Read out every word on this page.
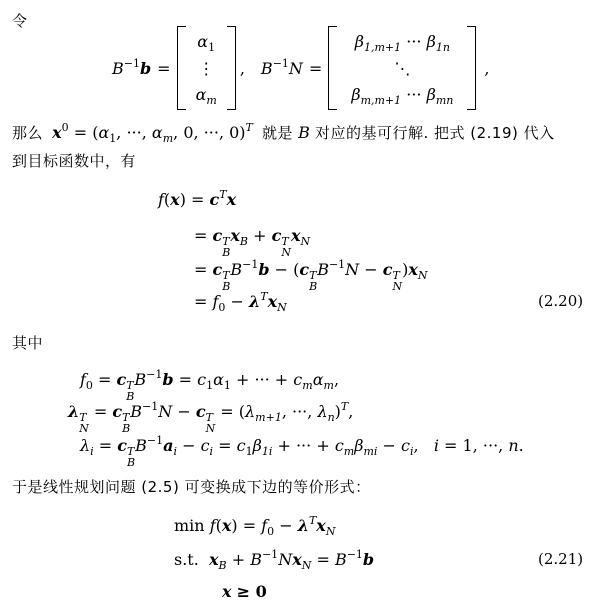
令
$B^{-1}b$ =
$\alpha_1$
⋮
$\alpha_m$
, $B^{-1}N$ =
$\beta_{1,m+1}$ ··· $\beta_{1n}$
⋱
$\beta_{m,m+1}$ ··· $\beta_{mn}$
,
那么 $x^0 = (\alpha_1$, ···, $\alpha_m$, 0, ···, 0)$^T$ 就是 B 对应的基可行解. 把式 (2.19) 代入
到目标函数中，有
$f(x) = c^Tx$
= c T
B
$x_B + c$ T
N
$x_N$
= c T
B
$B^{-1}b - (c$ T
B
$B^{-1}N - c$ T
N
)$x_N$
= $f_0 - \lambda^Tx_N$	(2.20)
其中
$f_0 = c$ T
B
$B^{-1}b = c_1\alpha_1$ + ··· + $c_m\alpha_m$,
λ T
N
= c T
B
$B^{-1}N - c$ T
N
= ($\lambda_{m+1}$, ···, $\lambda_n)^T$,
$\lambda_i = c$ T
B
$B^{-1}a_i - c_i = c_1\beta_{1i}$ + ··· + $c_m\beta_{mi} - c_i$,   i = 1, ···, n.
于是线性规划问题 (2.5) 可变换成下边的等价形式：
$\min f(x) = f_0 - \lambda^Tx_N$
s.t. $x_B + B^{-1}Nx_N = B^{-1}b$	(2.21)
x ≥ 0
